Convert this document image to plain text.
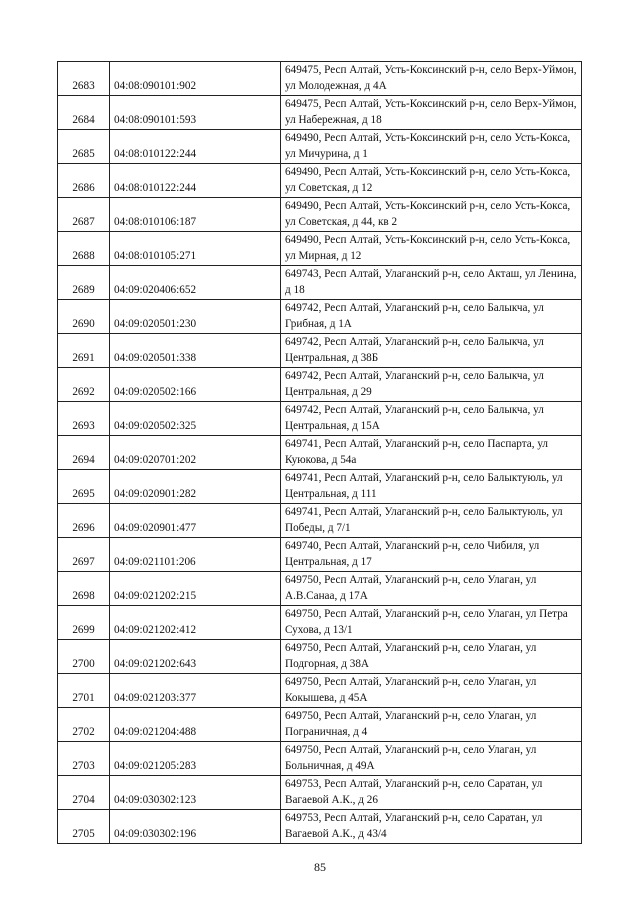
2683	04:08:090101:902	649475, Респ Алтай, Усть-Коксинский р-н, село Верх-Уймон, ул Молодежная, д 4А

2684	04:08:090101:593	649475, Респ Алтай, Усть-Коксинский р-н, село Верх-Уймон, ул Набережная, д 18

2685	04:08:010122:244	649490, Респ Алтай, Усть-Коксинский р-н, село Усть-Кокса, ул Мичурина, д 1

2686	04:08:010122:244	649490, Респ Алтай, Усть-Коксинский р-н, село Усть-Кокса, ул Советская, д 12

2687	04:08:010106:187	649490, Респ Алтай, Усть-Коксинский р-н, село Усть-Кокса, ул Советская, д 44, кв 2

2688	04:08:010105:271	649490, Респ Алтай, Усть-Коксинский р-н, село Усть-Кокса, ул Мирная, д 12

2689	04:09:020406:652	649743, Респ Алтай, Улаганский р-н, село Акташ, ул Ленина, д 18

2690	04:09:020501:230	649742, Респ Алтай, Улаганский р-н, село Балыкча, ул Грибная, д 1А

2691	04:09:020501:338	649742, Респ Алтай, Улаганский р-н, село Балыкча, ул Центральная, д 38Б

2692	04:09:020502:166	649742, Респ Алтай, Улаганский р-н, село Балыкча, ул Центральная, д 29

2693	04:09:020502:325	649742, Респ Алтай, Улаганский р-н, село Балыкча, ул Центральная, д 15А

2694	04:09:020701:202	649741, Респ Алтай, Улаганский р-н, село Паспарта, ул Куюкова, д 54а

2695	04:09:020901:282	649741, Респ Алтай, Улаганский р-н, село Балыктуюль, ул Центральная, д 111

2696	04:09:020901:477	649741, Респ Алтай, Улаганский р-н, село Балыктуюль, ул Победы, д 7/1

2697	04:09:021101:206	649740, Респ Алтай, Улаганский р-н, село Чибиля, ул Центральная, д 17

2698	04:09:021202:215	649750, Респ Алтай, Улаганский р-н, село Улаган, ул А.В.Санаа, д 17А

2699	04:09:021202:412	649750, Респ Алтай, Улаганский р-н, село Улаган, ул Петра Сухова, д 13/1

2700	04:09:021202:643	649750, Респ Алтай, Улаганский р-н, село Улаган, ул Подгорная, д 38А

2701	04:09:021203:377	649750, Респ Алтай, Улаганский р-н, село Улаган, ул Кокышева, д 45А

2702	04:09:021204:488	649750, Респ Алтай, Улаганский р-н, село Улаган, ул Пограничная, д 4

2703	04:09:021205:283	649750, Респ Алтай, Улаганский р-н, село Улаган, ул Больничная, д 49А

2704	04:09:030302:123	649753, Респ Алтай, Улаганский р-н, село Саратан, ул Вагаевой А.К., д 26

2705	04:09:030302:196	649753, Респ Алтай, Улаганский р-н, село Саратан, ул Вагаевой А.К., д 43/4
85
